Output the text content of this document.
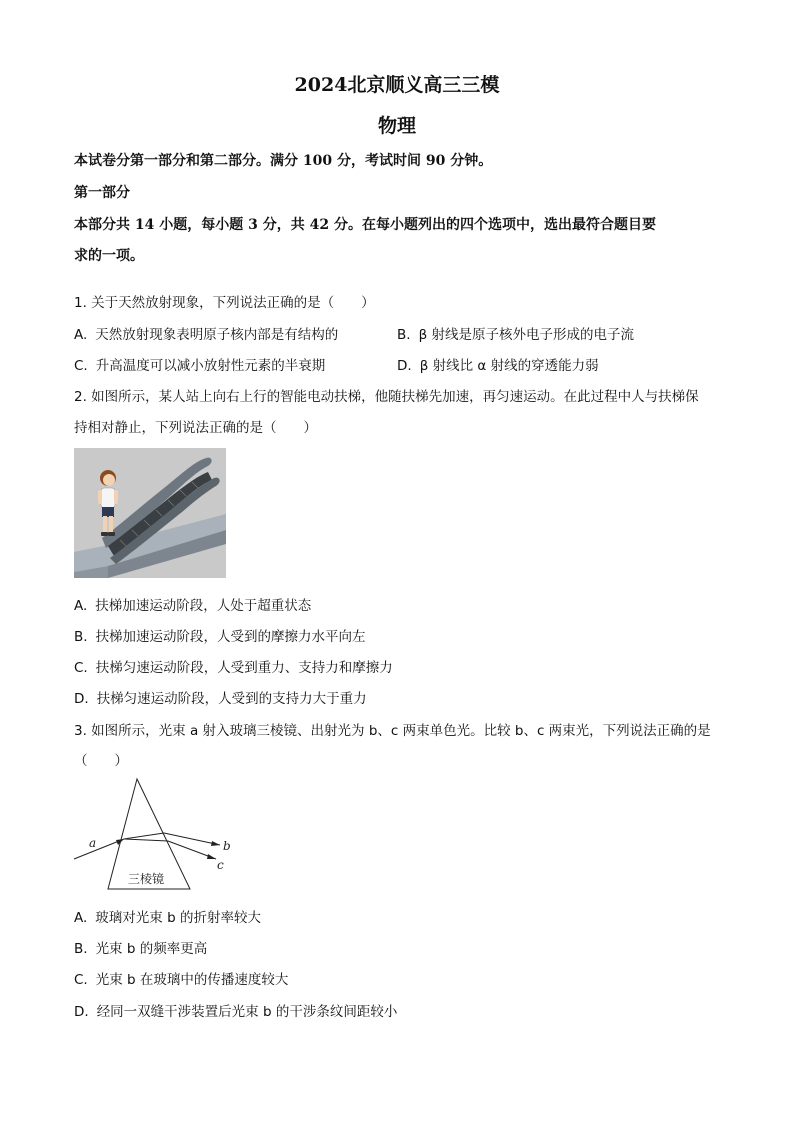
2024北京顺义高三三模
物理
本试卷分第一部分和第二部分。满分 100 分，考试时间 90 分钟。
第一部分
本部分共 14 小题，每小题 3 分，共 42 分。在每小题列出的四个选项中，选出最符合题目要
求的一项。
1. 关于天然放射现象，下列说法正确的是（　　）
A. 天然放射现象表明原子核内部是有结构的	B. β 射线是原子核外电子形成的电子流
C. 升高温度可以减小放射性元素的半衰期	D. β 射线比 α 射线的穿透能力弱
2. 如图所示，某人站上向右上行的智能电动扶梯，他随扶梯先加速，再匀速运动。在此过程中人与扶梯保
持相对静止，下列说法正确的是（　　）
A. 扶梯加速运动阶段，人处于超重状态
B. 扶梯加速运动阶段，人受到的摩擦力水平向左
C. 扶梯匀速运动阶段，人受到重力、支持力和摩擦力
D. 扶梯匀速运动阶段，人受到的支持力大于重力
3. 如图所示，光束 a 射入玻璃三棱镜、出射光为 b、c 两束单色光。比较 b、c 两束光，下列说法正确的是
（　　）
a	b
c
三棱镜
A. 玻璃对光束 b 的折射率较大
B. 光束 b 的频率更高
C. 光束 b 在玻璃中的传播速度较大
D. 经同一双缝干涉装置后光束 b 的干涉条纹间距较小
